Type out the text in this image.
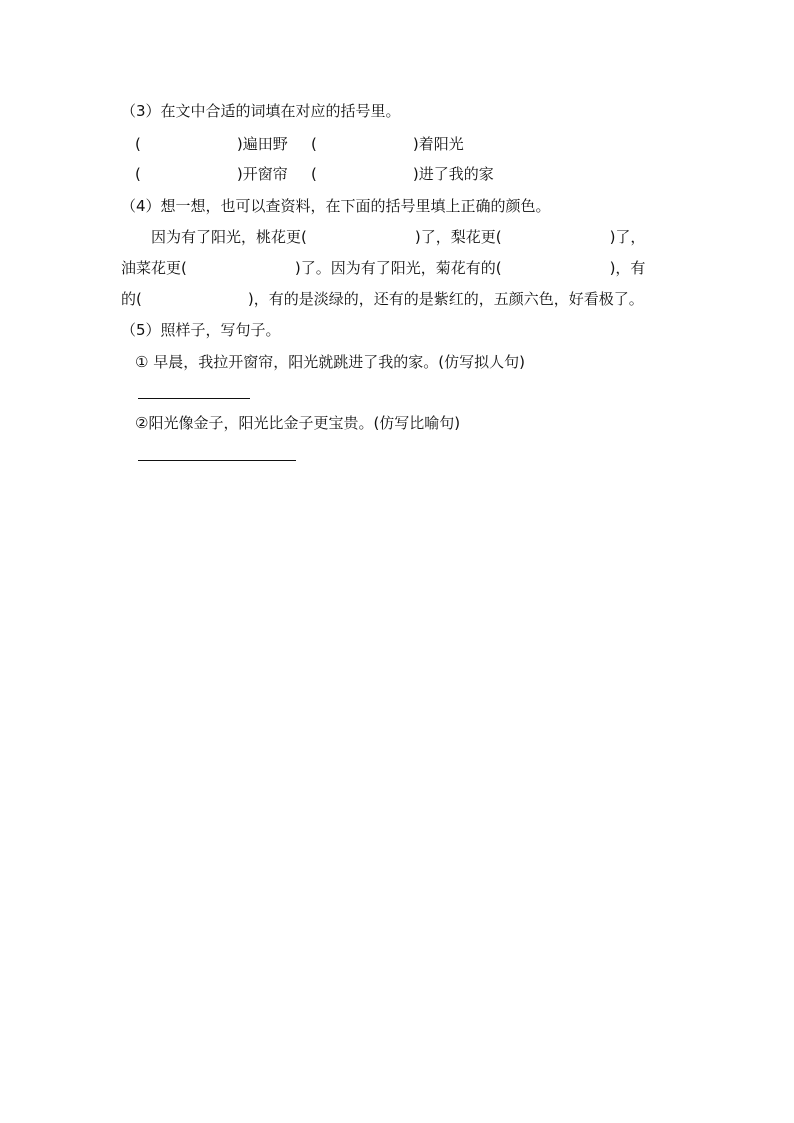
（3）在文中合适的词填在对应的括号里。
(	)遍田野 (	)着阳光
(	)开窗帘 (	)进了我的家
（4）想一想，也可以查资料，在下面的括号里填上正确的颜色。
因为有了阳光，桃花更(	)了，梨花更(	)了，
油菜花更(	)了。因为有了阳光，菊花有的(	)，有
的(	)，有的是淡绿的，还有的是紫红的，五颜六色，好看极了。
（5）照样子，写句子。
① 早晨，我拉开窗帘，阳光就跳进了我的家。(仿写拟人句)
②阳光像金子，阳光比金子更宝贵。(仿写比喻句)
